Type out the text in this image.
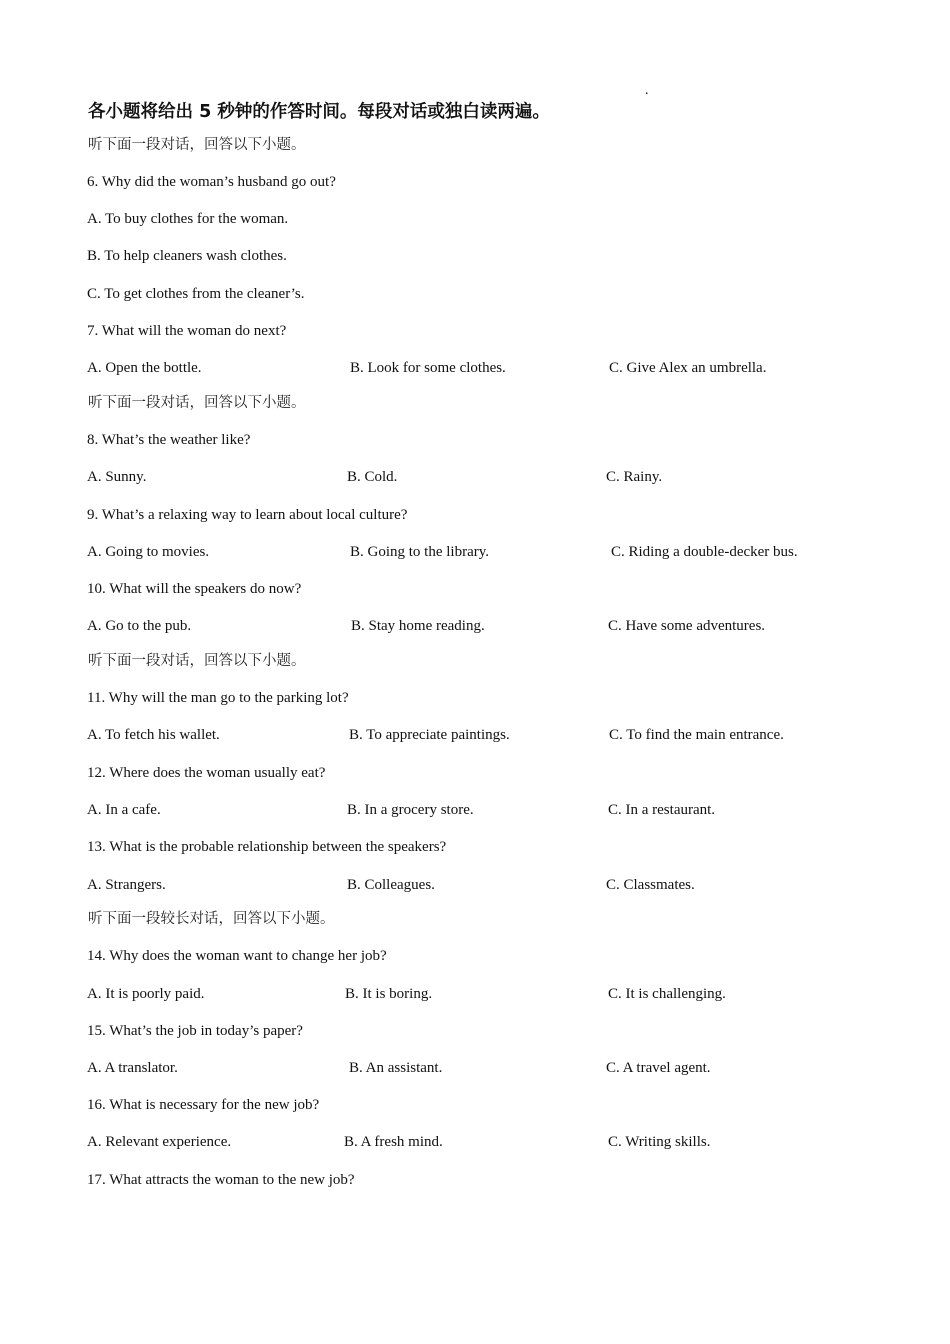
.
各小题将给出 5 秒钟的作答时间。每段对话或独白读两遍。
听下面一段对话，回答以下小题。
6. Why did the woman’s husband go out?
A. To buy clothes for the woman.
B. To help cleaners wash clothes.
C. To get clothes from the cleaner’s.
7. What will the woman do next?
A. Open the bottle.	B. Look for some clothes.	C. Give Alex an umbrella.
听下面一段对话，回答以下小题。
8. What’s the weather like?
A. Sunny.	B. Cold.	C. Rainy.
9. What’s a relaxing way to learn about local culture?
A. Going to movies.	B. Going to the library.	C. Riding a double-decker bus.
10. What will the speakers do now?
A. Go to the pub.	B. Stay home reading.	C. Have some adventures.
听下面一段对话，回答以下小题。
11. Why will the man go to the parking lot?
A. To fetch his wallet.	B. To appreciate paintings.	C. To find the main entrance.
12. Where does the woman usually eat?
A. In a cafe.	B. In a grocery store.	C. In a restaurant.
13. What is the probable relationship between the speakers?
A. Strangers.	B. Colleagues.	C. Classmates.
听下面一段较长对话，回答以下小题。
14. Why does the woman want to change her job?
A. It is poorly paid.	B. It is boring.	C. It is challenging.
15. What’s the job in today’s paper?
A. A translator.	B. An assistant.	C. A travel agent.
16. What is necessary for the new job?
A. Relevant experience.	B. A fresh mind.	C. Writing skills.
17. What attracts the woman to the new job?
